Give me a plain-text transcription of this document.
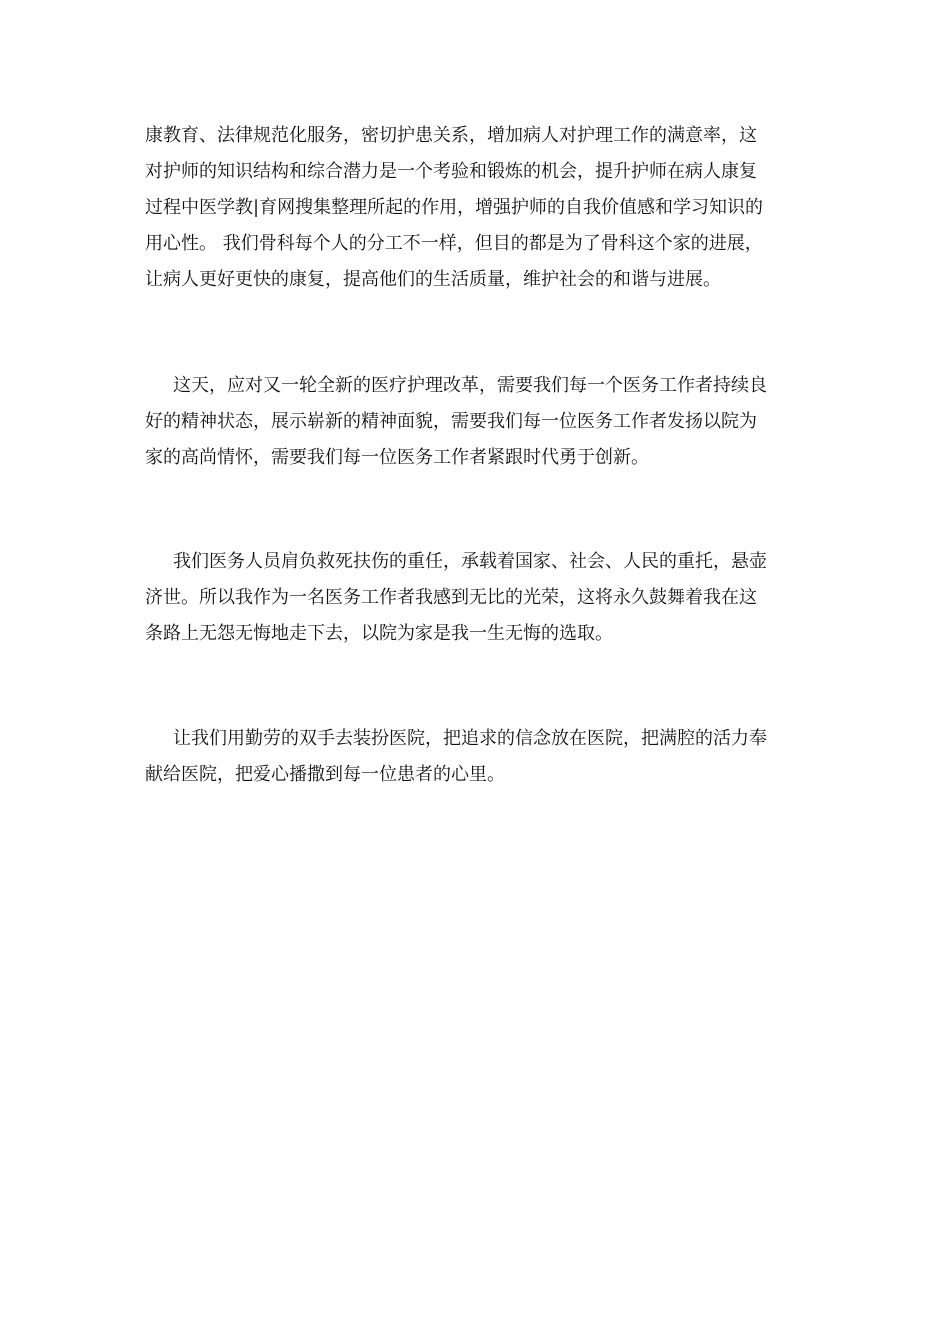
康教育、法律规范化服务，密切护患关系，增加病人对护理工作的满意率，这
对护师的知识结构和综合潜力是一个考验和锻炼的机会，提升护师在病人康复
过程中医学教|育网搜集整理所起的作用，增强护师的自我价值感和学习知识的
用心性。 我们骨科每个人的分工不一样，但目的都是为了骨科这个家的进展，
让病人更好更快的康复，提高他们的生活质量，维护社会的和谐与进展。
这天，应对又一轮全新的医疗护理改革，需要我们每一个医务工作者持续良
好的精神状态，展示崭新的精神面貌，需要我们每一位医务工作者发扬以院为
家的高尚情怀，需要我们每一位医务工作者紧跟时代勇于创新。
我们医务人员肩负救死扶伤的重任，承载着国家、社会、人民的重托，悬壶
济世。所以我作为一名医务工作者我感到无比的光荣，这将永久鼓舞着我在这
条路上无怨无悔地走下去，以院为家是我一生无悔的选取。
让我们用勤劳的双手去装扮医院，把追求的信念放在医院，把满腔的活力奉
献给医院，把爱心播撒到每一位患者的心里。
